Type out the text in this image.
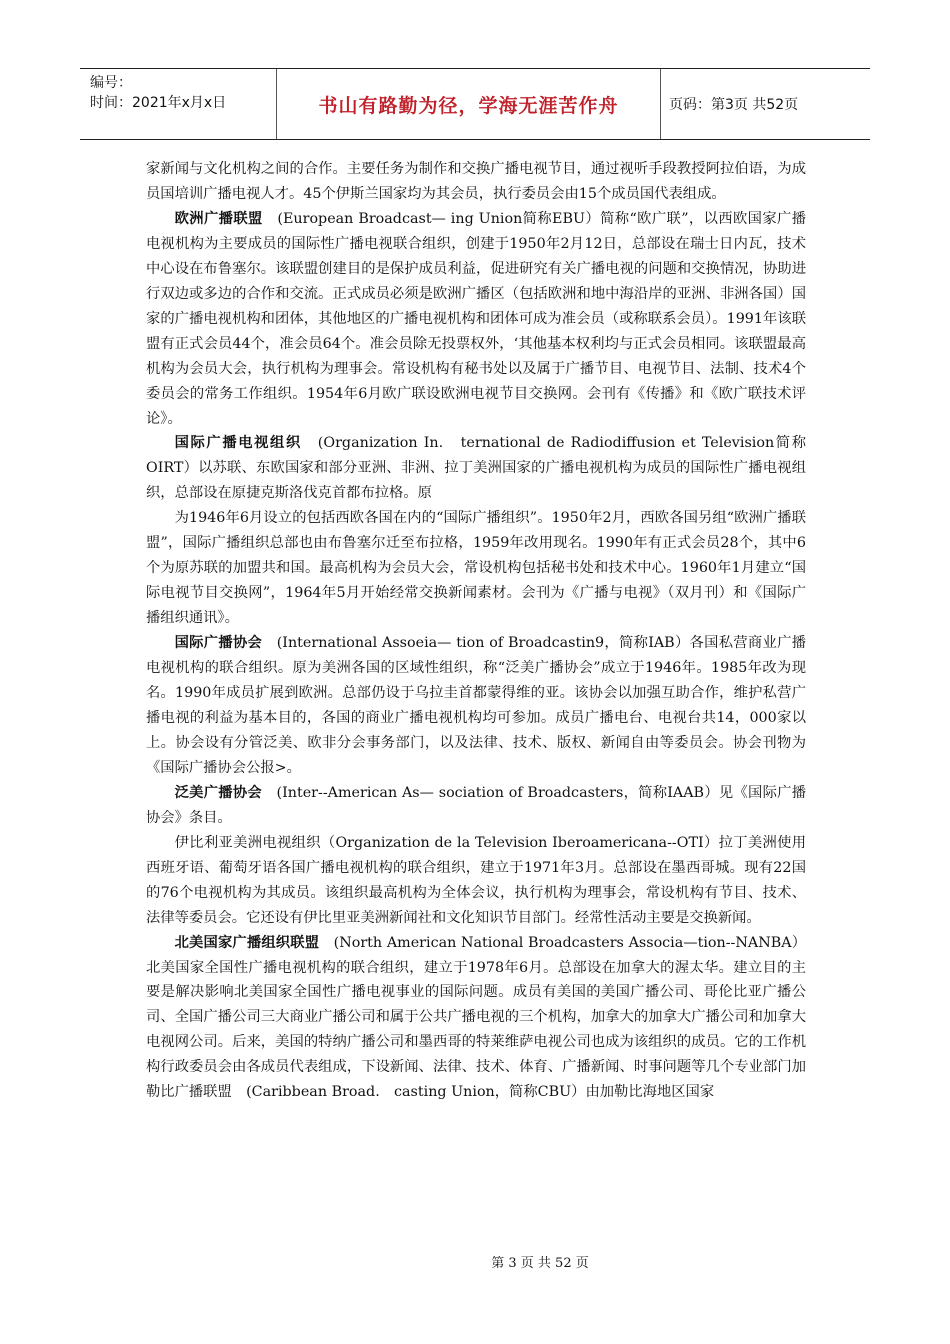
编号：
时间：2021年x月x日	书山有路勤为径，学海无涯苦作舟	页码：第3页 共52页

家新闻与文化机构之间的合作。主要任务为制作和交换广播电视节目，通过视听手段教授阿拉伯语，为成员国培训广播电视人才。45个伊斯兰国家均为其会员，执行委员会由15个成员国代表组成。

欧洲广播联盟　(European Broadcast— ing Union简称EBU）简称“欧广联”，以西欧国家广播电视机构为主要成员的国际性广播电视联合组织，创建于1950年2月12日，总部设在瑞士日内瓦，技术中心设在布鲁塞尔。该联盟创建目的是保护成员利益，促进研究有关广播电视的问题和交换情况，协助进行双边或多边的合作和交流。正式成员必须是欧洲广播区（包括欧洲和地中海沿岸的亚洲、非洲各国）国家的广播电视机构和团体，其他地区的广播电视机构和团体可成为准会员（或称联系会员）。1991年该联盟有正式会员44个，准会员64个。准会员除无投票权外，‘其他基本权利均与正式会员相同。该联盟最高机构为会员大会，执行机构为理事会。常设机构有秘书处以及属于广播节目、电视节目、法制、技术4个委员会的常务工作组织。1954年6月欧广联设欧洲电视节目交换网。会刊有《传播》和《欧广联技术评论》。

国际广播电视组织　(Organization In.　ternational de Radiodiffusion et Television简称OIRT）以苏联、东欧国家和部分亚洲、非洲、拉丁美洲国家的广播电视机构为成员的国际性广播电视组织，总部设在原捷克斯洛伐克首都布拉格。原

为1946年6月设立的包括西欧各国在内的“国际广播组织”。1950年2月，西欧各国另组“欧洲广播联盟”，国际广播组织总部也由布鲁塞尔迁至布拉格，1959年改用现名。1990年有正式会员28个，其中6个为原苏联的加盟共和国。最高机构为会员大会，常设机构包括秘书处和技术中心。1960年1月建立“国际电视节目交换网”，1964年5月开始经常交换新闻素材。会刊为《广播与电视》（双月刊）和《国际广播组织通讯》。

国际广播协会　(International Assoeia— tion of Broadcastin9，简称IAB）各国私营商业广播电视机构的联合组织。原为美洲各国的区域性组织，称“泛美广播协会”成立于1946年。1985年改为现名。1990年成员扩展到欧洲。总部仍设于乌拉圭首都蒙得维的亚。该协会以加强互助合作，维护私营广播电视的利益为基本目的，各国的商业广播电视机构均可参加。成员广播电台、电视台共14，000家以上。协会设有分管泛美、欧非分会事务部门，以及法律、技术、版权、新闻自由等委员会。协会刊物为《国际广播协会公报>。

泛美广播协会　(Inter--American As— sociation of Broadcasters，简称IAAB）见《国际广播协会》条目。

伊比利亚美洲电视组织（Organization de la Television Iberoamericana--OTI）拉丁美洲使用西班牙语、葡萄牙语各国广播电视机构的联合组织，建立于1971年3月。总部设在墨西哥城。现有22国的76个电视机构为其成员。该组织最高机构为全体会议，执行机构为理事会，常设机构有节目、技术、法律等委员会。它还设有伊比里亚美洲新闻社和文化知识节目部门。经常性活动主要是交换新闻。

北美国家广播组织联盟　(North American National Broadcasters Associa—tion--NANBA）北美国家全国性广播电视机构的联合组织，建立于1978年6月。总部设在加拿大的渥太华。建立目的主要是解决影响北美国家全国性广播电视事业的国际问题。成员有美国的美国广播公司、哥伦比亚广播公司、全国广播公司三大商业广播公司和属于公共广播电视的三个机构，加拿大的加拿大广播公司和加拿大电视网公司。后来，美国的特纳广播公司和墨西哥的特莱维萨电视公司也成为该组织的成员。它的工作机构行政委员会由各成员代表组成，下设新闻、法律、技术、体育、广播新闻、时事问题等几个专业部门加勒比广播联盟　(Caribbean Broad.　casting Union，简称CBU）由加勒比海地区国家

第 3 页 共 52 页
